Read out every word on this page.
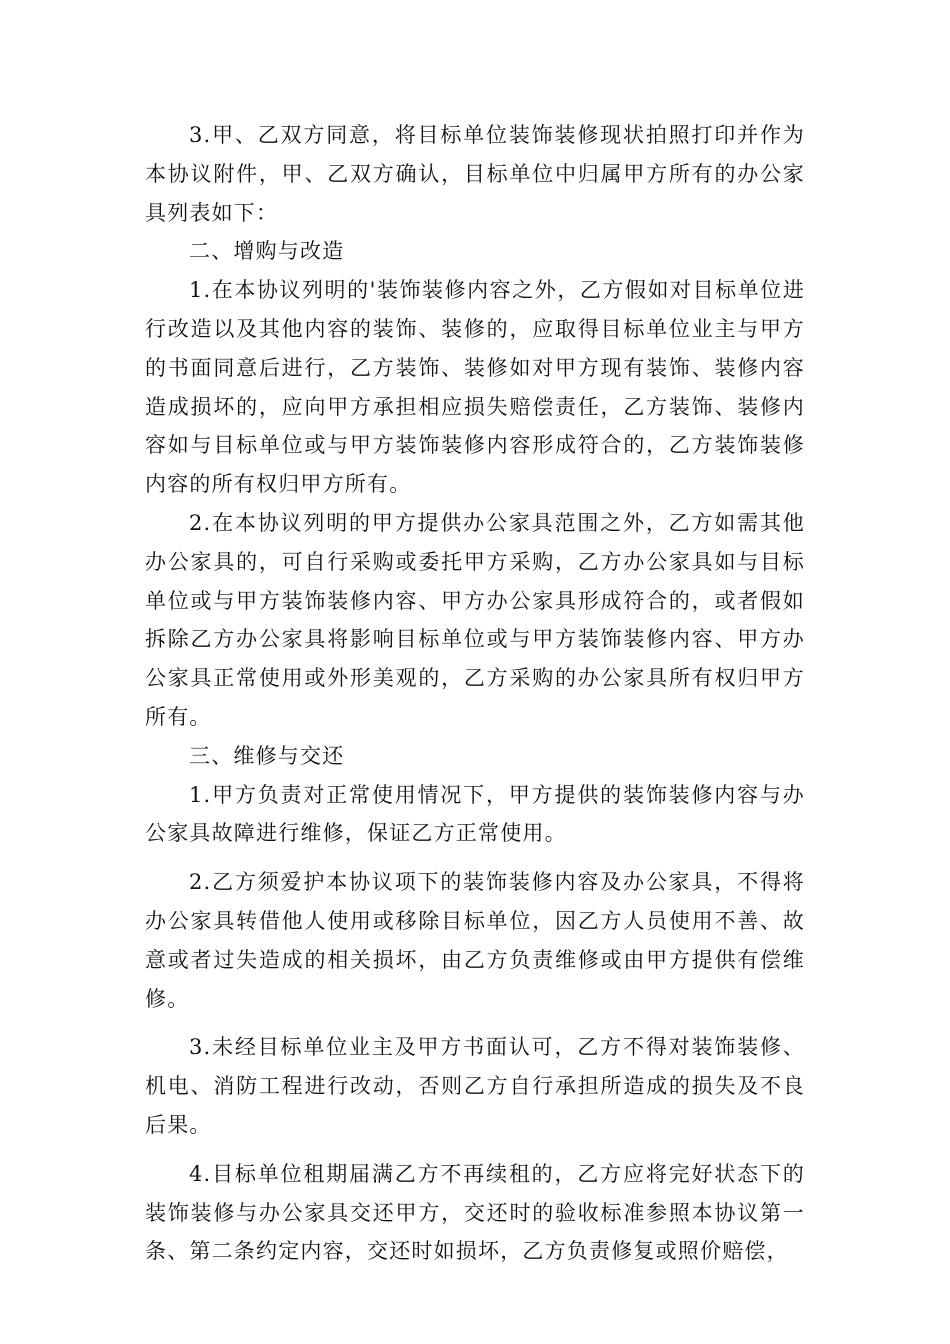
3.甲、乙双方同意，将目标单位装饰装修现状拍照打印并作为本协议附件，甲、乙双方确认，目标单位中归属甲方所有的办公家具列表如下：

二、增购与改造

1.在本协议列明的'装饰装修内容之外，乙方假如对目标单位进行改造以及其他内容的装饰、装修的，应取得目标单位业主与甲方的书面同意后进行，乙方装饰、装修如对甲方现有装饰、装修内容造成损坏的，应向甲方承担相应损失赔偿责任，乙方装饰、装修内容如与目标单位或与甲方装饰装修内容形成符合的，乙方装饰装修内容的所有权归甲方所有。

2.在本协议列明的甲方提供办公家具范围之外，乙方如需其他办公家具的，可自行采购或委托甲方采购，乙方办公家具如与目标单位或与甲方装饰装修内容、甲方办公家具形成符合的，或者假如拆除乙方办公家具将影响目标单位或与甲方装饰装修内容、甲方办公家具正常使用或外形美观的，乙方采购的办公家具所有权归甲方所有。

三、维修与交还

1.甲方负责对正常使用情况下，甲方提供的装饰装修内容与办公家具故障进行维修，保证乙方正常使用。

2.乙方须爱护本协议项下的装饰装修内容及办公家具，不得将办公家具转借他人使用或移除目标单位，因乙方人员使用不善、故意或者过失造成的相关损坏，由乙方负责维修或由甲方提供有偿维修。

3.未经目标单位业主及甲方书面认可，乙方不得对装饰装修、机电、消防工程进行改动，否则乙方自行承担所造成的损失及不良后果。

4.目标单位租期届满乙方不再续租的，乙方应将完好状态下的装饰装修与办公家具交还甲方，交还时的验收标准参照本协议第一条、第二条约定内容，交还时如损坏，乙方负责修复或照价赔偿，
